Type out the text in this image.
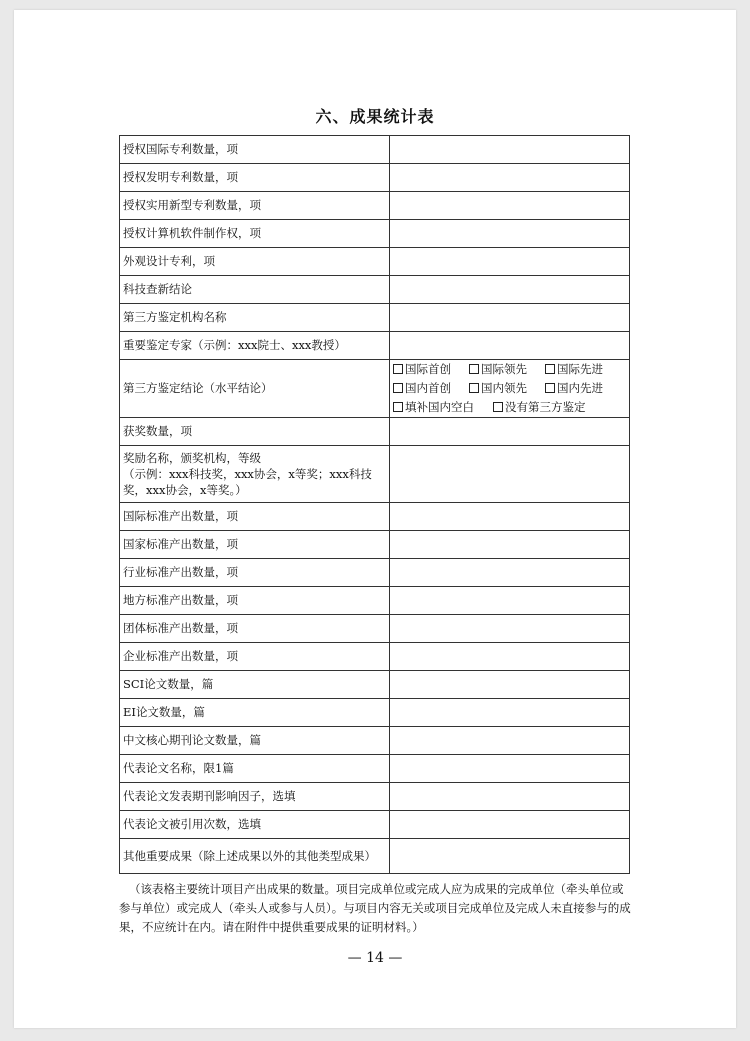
六、成果统计表
授权国际专利数量，项	
授权发明专利数量，项	
授权实用新型专利数量，项	
授权计算机软件制作权，项	
外观设计专利，项	
科技查新结论	
第三方鉴定机构名称	
重要鉴定专家（示例：xxx院士、xxx教授）	
第三方鉴定结论（水平结论）	国际首创 国际领先 国际先进
国内首创 国内领先 国内先进
填补国内空白 没有第三方鉴定

获奖数量，项	

奖励名称，颁奖机构，等级
（示例：xxx科技奖，xxx协会，x等奖；xxx科技
奖，xxx协会，x等奖。）	

国际标准产出数量，项	
国家标准产出数量，项	
行业标准产出数量，项	
地方标准产出数量，项	
团体标准产出数量，项	
企业标准产出数量，项	
SCI论文数量，篇	
EI论文数量，篇	
中文核心期刊论文数量，篇	
代表论文名称，限1篇	
代表论文发表期刊影响因子，选填	
代表论文被引用次数，选填	
其他重要成果（除上述成果以外的其他类型成果）	
（该表格主要统计项目产出成果的数量。项目完成单位或完成人应为成果的完成单位（牵头单位或参与单位）或完成人（牵头人或参与人员）。与项目内容无关或项目完成单位及完成人未直接参与的成果，不应统计在内。请在附件中提供重要成果的证明材料。）
— 14 —
